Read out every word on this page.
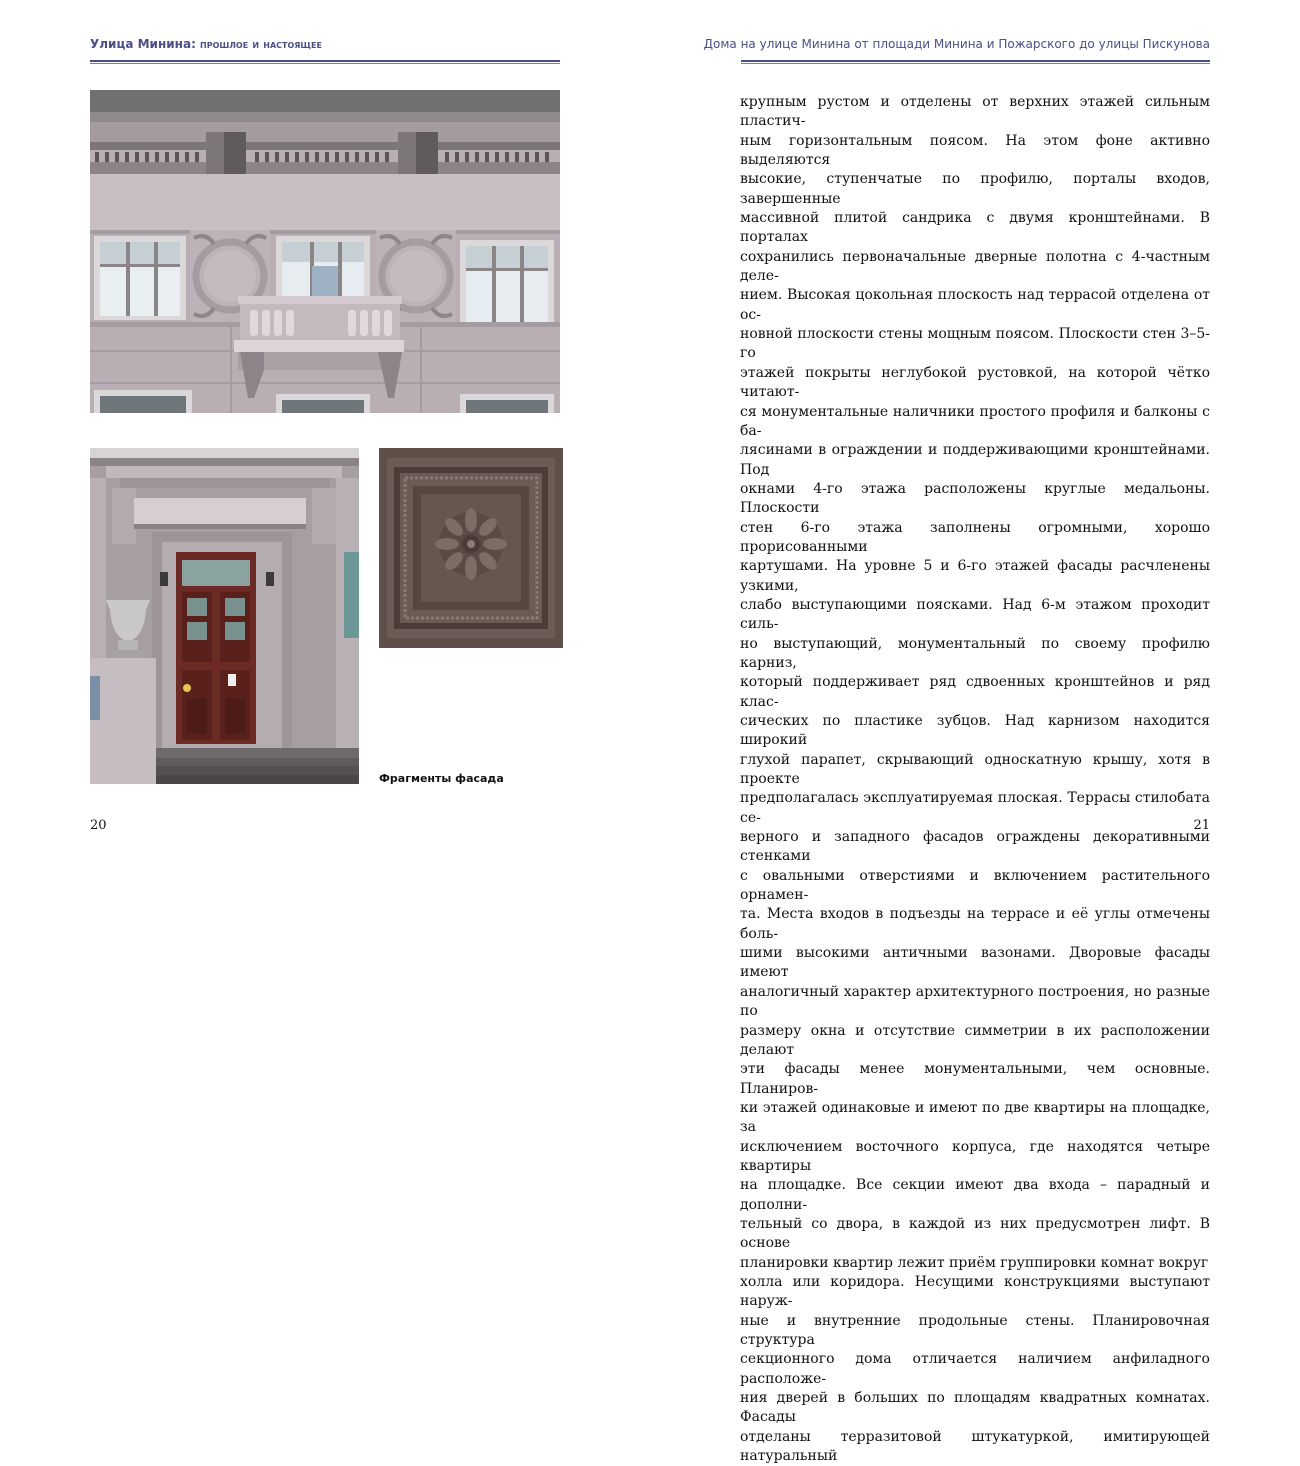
Улица Минина: прошлое и настоящее
Фрагменты фасада
20
Дома на улице Минина от площади Минина и Пожарского до улицы Пискунова
крупным рустом и отделены от верхних этажей сильным пластич-
ным горизонтальным поясом. На этом фоне активно выделяются
высокие, ступенчатые по профилю, порталы входов, завершенные
массивной плитой сандрика с двумя кронштейнами. В порталах
сохранились первоначальные дверные полотна с 4-частным деле-
нием. Высокая цокольная плоскость над террасой отделена от ос-
новной плоскости стены мощным поясом. Плоскости стен 3–5-го
этажей покрыты неглубокой рустовкой, на которой чётко читают-
ся монументальные наличники простого профиля и балконы с ба-
лясинами в ограждении и поддерживающими кронштейнами. Под
окнами 4-го этажа расположены круглые медальоны. Плоскости
стен 6-го этажа заполнены огромными, хорошо прорисованными
картушами. На уровне 5 и 6-го этажей фасады расчленены узкими,
слабо выступающими поясками. Над 6-м этажом проходит силь-
но выступающий, монументальный по своему профилю карниз,
который поддерживает ряд сдвоенных кронштейнов и ряд клас-
сических по пластике зубцов. Над карнизом находится широкий
глухой парапет, скрывающий односкатную крышу, хотя в проекте
предполагалась эксплуатируемая плоская. Террасы стилобата се-
верного и западного фасадов ограждены декоративными стенками
с овальными отверстиями и включением растительного орнамен-
та. Места входов в подъезды на террасе и её углы отмечены боль-
шими высокими античными вазонами. Дворовые фасады имеют
аналогичный характер архитектурного построения, но разные по
размеру окна и отсутствие симметрии в их расположении делают
эти фасады менее монументальными, чем основные. Планиров-
ки этажей одинаковые и имеют по две квартиры на площадке, за
исключением восточного корпуса, где находятся четыре квартиры
на площадке. Все секции имеют два входа – парадный и дополни-
тельный со двора, в каждой из них предусмотрен лифт. В основе
планировки квартир лежит приём группировки комнат вокруг
холла или коридора. Несущими конструкциями выступают наруж-
ные и внутренние продольные стены. Планировочная структура
секционного дома отличается наличием анфиладного расположе-
ния дверей в больших по площадям квадратных комнатах. Фасады
отделаны терразитовой штукатуркой, имитирующей натуральный
21
